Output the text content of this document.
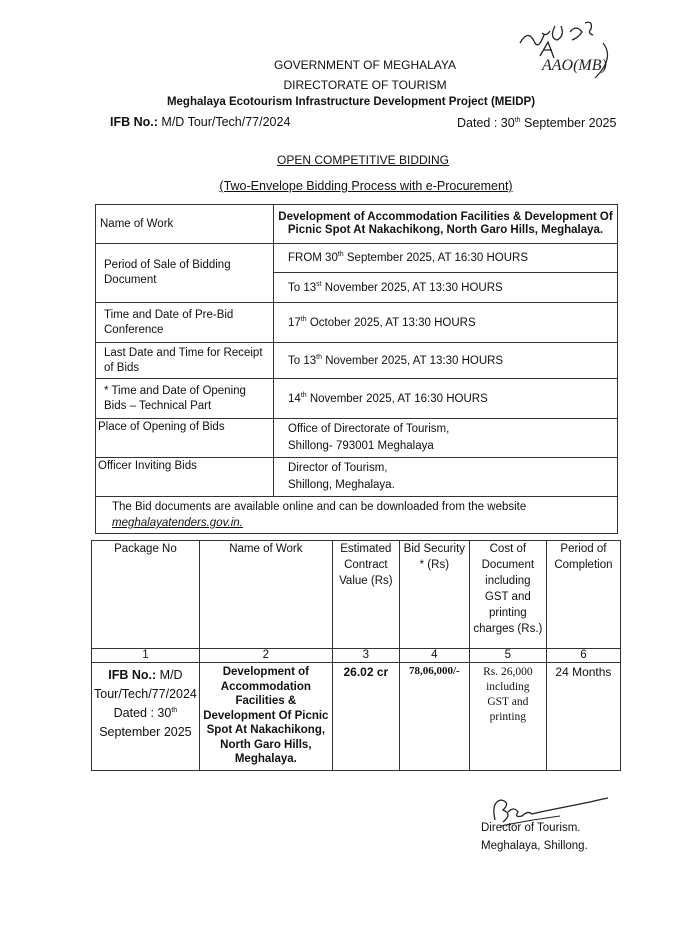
AAO(MB)
GOVERNMENT OF MEGHALAYA
DIRECTORATE OF TOURISM
Meghalaya Ecotourism Infrastructure Development Project (MEIDP)
IFB No.: M/D Tour/Tech/77/2024	Dated : 30th September 2025
OPEN COMPETITIVE BIDDING
(Two-Envelope Bidding Process with e-Procurement)
Name of Work	Development of Accommodation Facilities & Development Of Picnic Spot At Nakachikong, North Garo Hills, Meghalaya.
Period of Sale of Bidding Document	FROM 30th September 2025, AT 16:30 HOURS
	To 13st November 2025, AT 13:30 HOURS
Time and Date of Pre-Bid Conference	17th October 2025, AT 13:30 HOURS
Last Date and Time for Receipt of Bids	To 13th November 2025, AT 13:30 HOURS
* Time and Date of Opening Bids – Technical Part	14th November 2025, AT 16:30 HOURS
Place of Opening of Bids	Office of Directorate of Tourism,
Shillong- 793001 Meghalaya

Officer Inviting Bids	Director of Tourism,
Shillong, Meghalaya.

The Bid documents are available online and can be downloaded from the website
meghalayatenders.gov.in.	
Package No	Name of Work	Estimated Contract Value (Rs)	Bid Security * (Rs)	Cost of Document including GST and printing charges (Rs.)	Period of Completion
1	2	3	4	5	6
IFB No.: M/D Tour/Tech/77/2024
Dated : 30th
September 2025	Development of Accommodation Facilities & Development Of Picnic Spot At Nakachikong, North Garo Hills, Meghalaya.	26.02 cr	78,06,000/-	Rs. 26,000 including GST and printing	24 Months
Director of Tourism.
Meghalaya, Shillong.
